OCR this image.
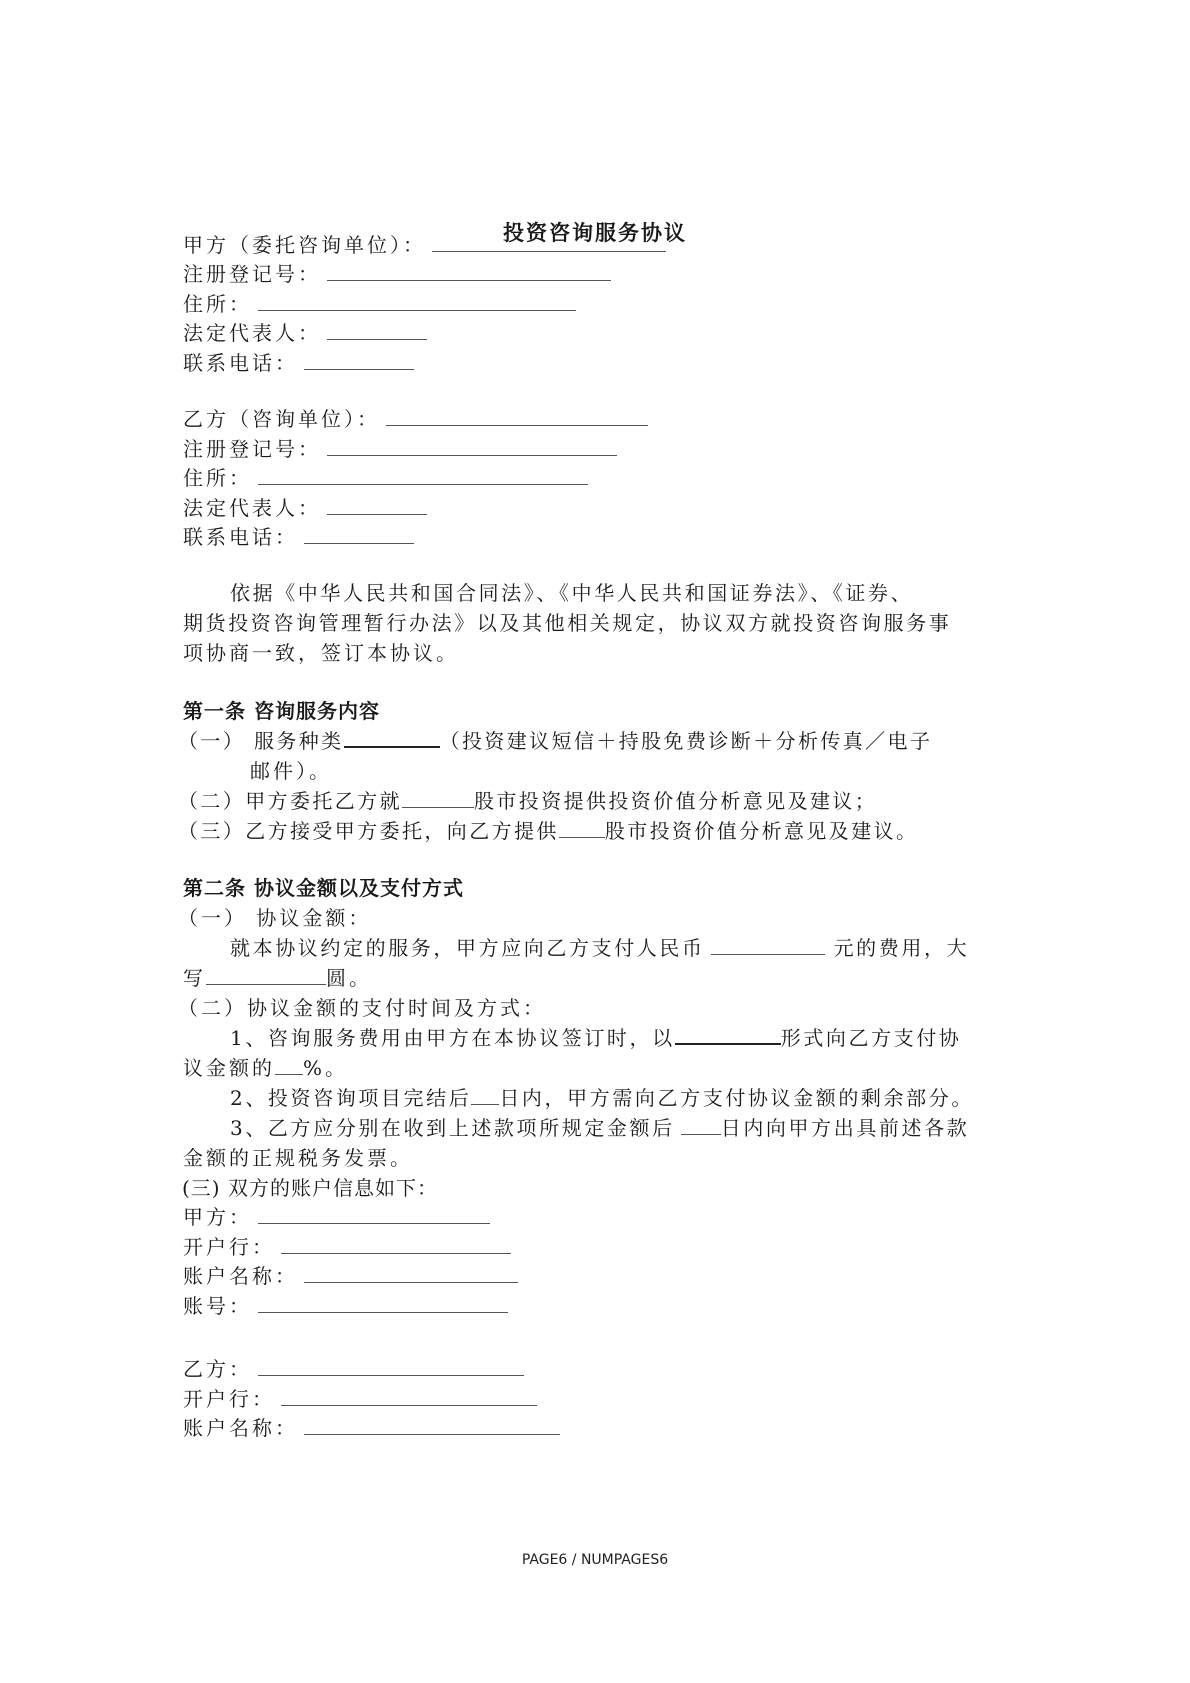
投资咨询服务协议
甲方（委托咨询单位）：
注册登记号：
住所：
法定代表人：
联系电话：
乙方（咨询单位）：
注册登记号：
住所：
法定代表人：
联系电话：
依据《中华人民共和国合同法》、《中华人民共和国证券法》、《证券、
期货投资咨询管理暂行办法》以及其他相关规定，协议双方就投资咨询服务事
项协商一致，签订本协议。
第一条 咨询服务内容
（一） 服务种类	（投资建议短信＋持股免费诊断＋分析传真／电子
邮件）。
（二）甲方委托乙方就	股市投资提供投资价值分析意见及建议；
（三）乙方接受甲方委托，向乙方提供 股市投资价值分析意见及建议。
第二条 协议金额以及支付方式
（一） 协议金额：
就本协议约定的服务，甲方应向乙方支付人民币	元的费用，大
写	圆。
（二）协议金额的支付时间及方式：
1、咨询服务费用由甲方在本协议签订时，以	形式向乙方支付协
议金额的 %。
2、投资咨询项目完结后 日内，甲方需向乙方支付协议金额的剩余部分。
3、乙方应分别在收到上述款项所规定金额后 日内向甲方出具前述各款
金额的正规税务发票。
(三) 双方的账户信息如下：
甲方：
开户行：
账户名称：
账号：
乙方：
开户行：
账户名称：
PAGE6 / NUMPAGES6
